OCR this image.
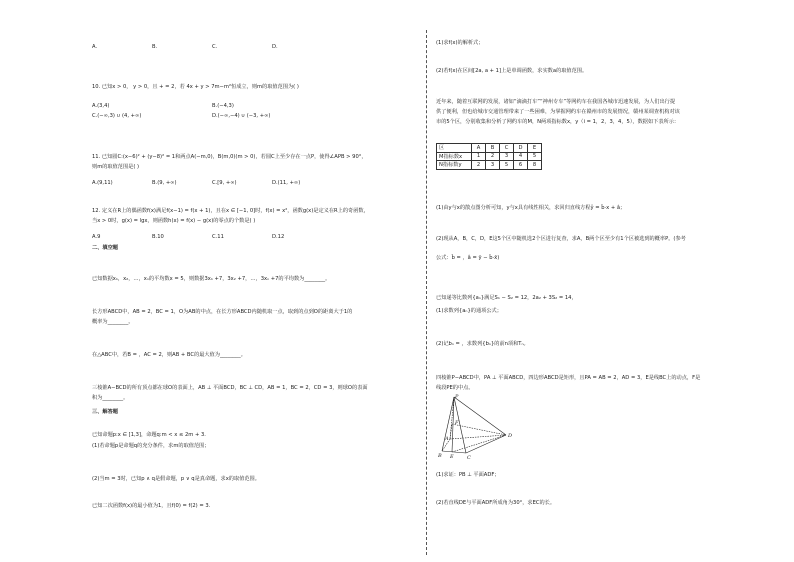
A.	B.	C.	D.
10. 已知x > 0， y > 0，且 + = 2，若 4x + y > 7m−m²恒成立，则m的取值范围为( )
A.(3,4)	B.(−4,3)
C.(−∞,3) ∪ (4, +∞)	D.(−∞,−4) ∪ (−3, +∞)
11. 已知圆C:(x−6)² + (y−8)² = 1和两点A(−m,0)，B(m,0)(m > 0)，若圆C上至少存在一点P，使得∠APB > 90°，
则m的取值范围是( )
A.(9,11)	B.(9, +∞)	C.[9, +∞)	D.(11, +∞)
12. 定义在R上的偶函数f(x)满足f(x−1) = f(x + 1)，且在x ∈ [−1, 0]时，f(x) = x²，函数g(x)是定义在R上的奇函数，
当x > 0时，g(x) = lgx，则函数h(x) = f(x) − g(x)的零点的个数是( )
A.9	B.10	C.11	D.12
二、填空题
已知数据x₁，x₂，…，xₙ的平均数x = 5，则数据3x₁ +7，3x₂ +7，…，3xₙ +7的平均数为________。
长方形ABCD中，AB = 2，BC = 1，O为AB的中点，在长方形ABCD内随机取一点，取到的点到O的距离大于1的
概率为________。
在△ABC中，若B = ，AC = 2，则AB + BC的最大值为________。
三棱锥A−BCD的所有顶点都在球O的表面上，AB ⊥ 平面BCD，BC ⊥ CD，AB = 1，BC = 2，CD = 3，则球O的表面
积为________。
三、解答题
已知命题p:x ∈ [1,3]，命题q:m < x ≤ 2m + 3.
(1)若命题p是命题q的充分条件，求m的取值范围；
(2)当m = 3时，已知p ∧ q是假命题，p ∨ q是真命题，求x的取值范围。
已知二次函数f(x)的最小值为1，且f(0) = f(2) = 3.
(1)求f(x)的解析式；
(2)若f(x)在区间[2a, a + 1]上是单调函数，求实数a的取值范围。
近年来，随着互联网的发展，诸如“滴滴打车”“神州专车”等网约车在我国各城市迅速发展，为人们出行提
供了便利，但也给城市交通管理带来了一些困难，为掌握网约车在赣州市的发展情况，赣州某调查机构对该
市的5个区，分别收集和分析了网约车的M，N两项指标数x，y（i = 1，2，3，4，5），数据如下表所示：
区	A	B	C	D	E
M指标数x	1	2	3	4	5
N指标数y	2	3	5	6	8
(1)由y与x的散点图分析可知，y与x具有线性相关，求回归直线方程ŷ = b̂·x + â；
(2)现从A，B，C，D，E这5个区中随机选2个区进行复查，求A，B两个区至少有1个区被选到的概率P。(参考
公式：b̂ = ，â = ȳ − b̂·x̄)
已知递等比数列{aₙ}满足S₁ − S₂ = 12，2a₂ + 3S₂ = 14，
(1)求数列{aₙ}的通项公式；
(2)记bₙ = ，求数列{bₙ}的前n项和Tₙ。
四棱锥P−ABCD中，PA ⊥ 平面ABCD，四边形ABCD是矩形，且PA = AB = 2，AD = 3，E是线BC上的动点，F是
线段PE的中点。
P
A
B	C
D
E
F
(1)求证：PB ⊥ 平面ADF；
(2)若直线DE与平面ADF所成角为30°，求EC的长。
